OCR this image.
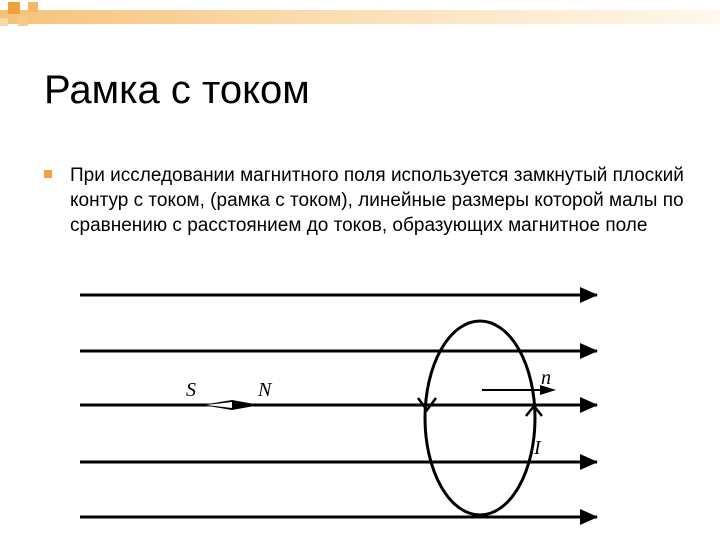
Рамка с током
При исследовании магнитного поля используется замкнутый плоский контур с током, (рамка с током), линейные размеры которой малы по сравнению с расстоянием до токов, образующих магнитное поле
S	N
n
I
